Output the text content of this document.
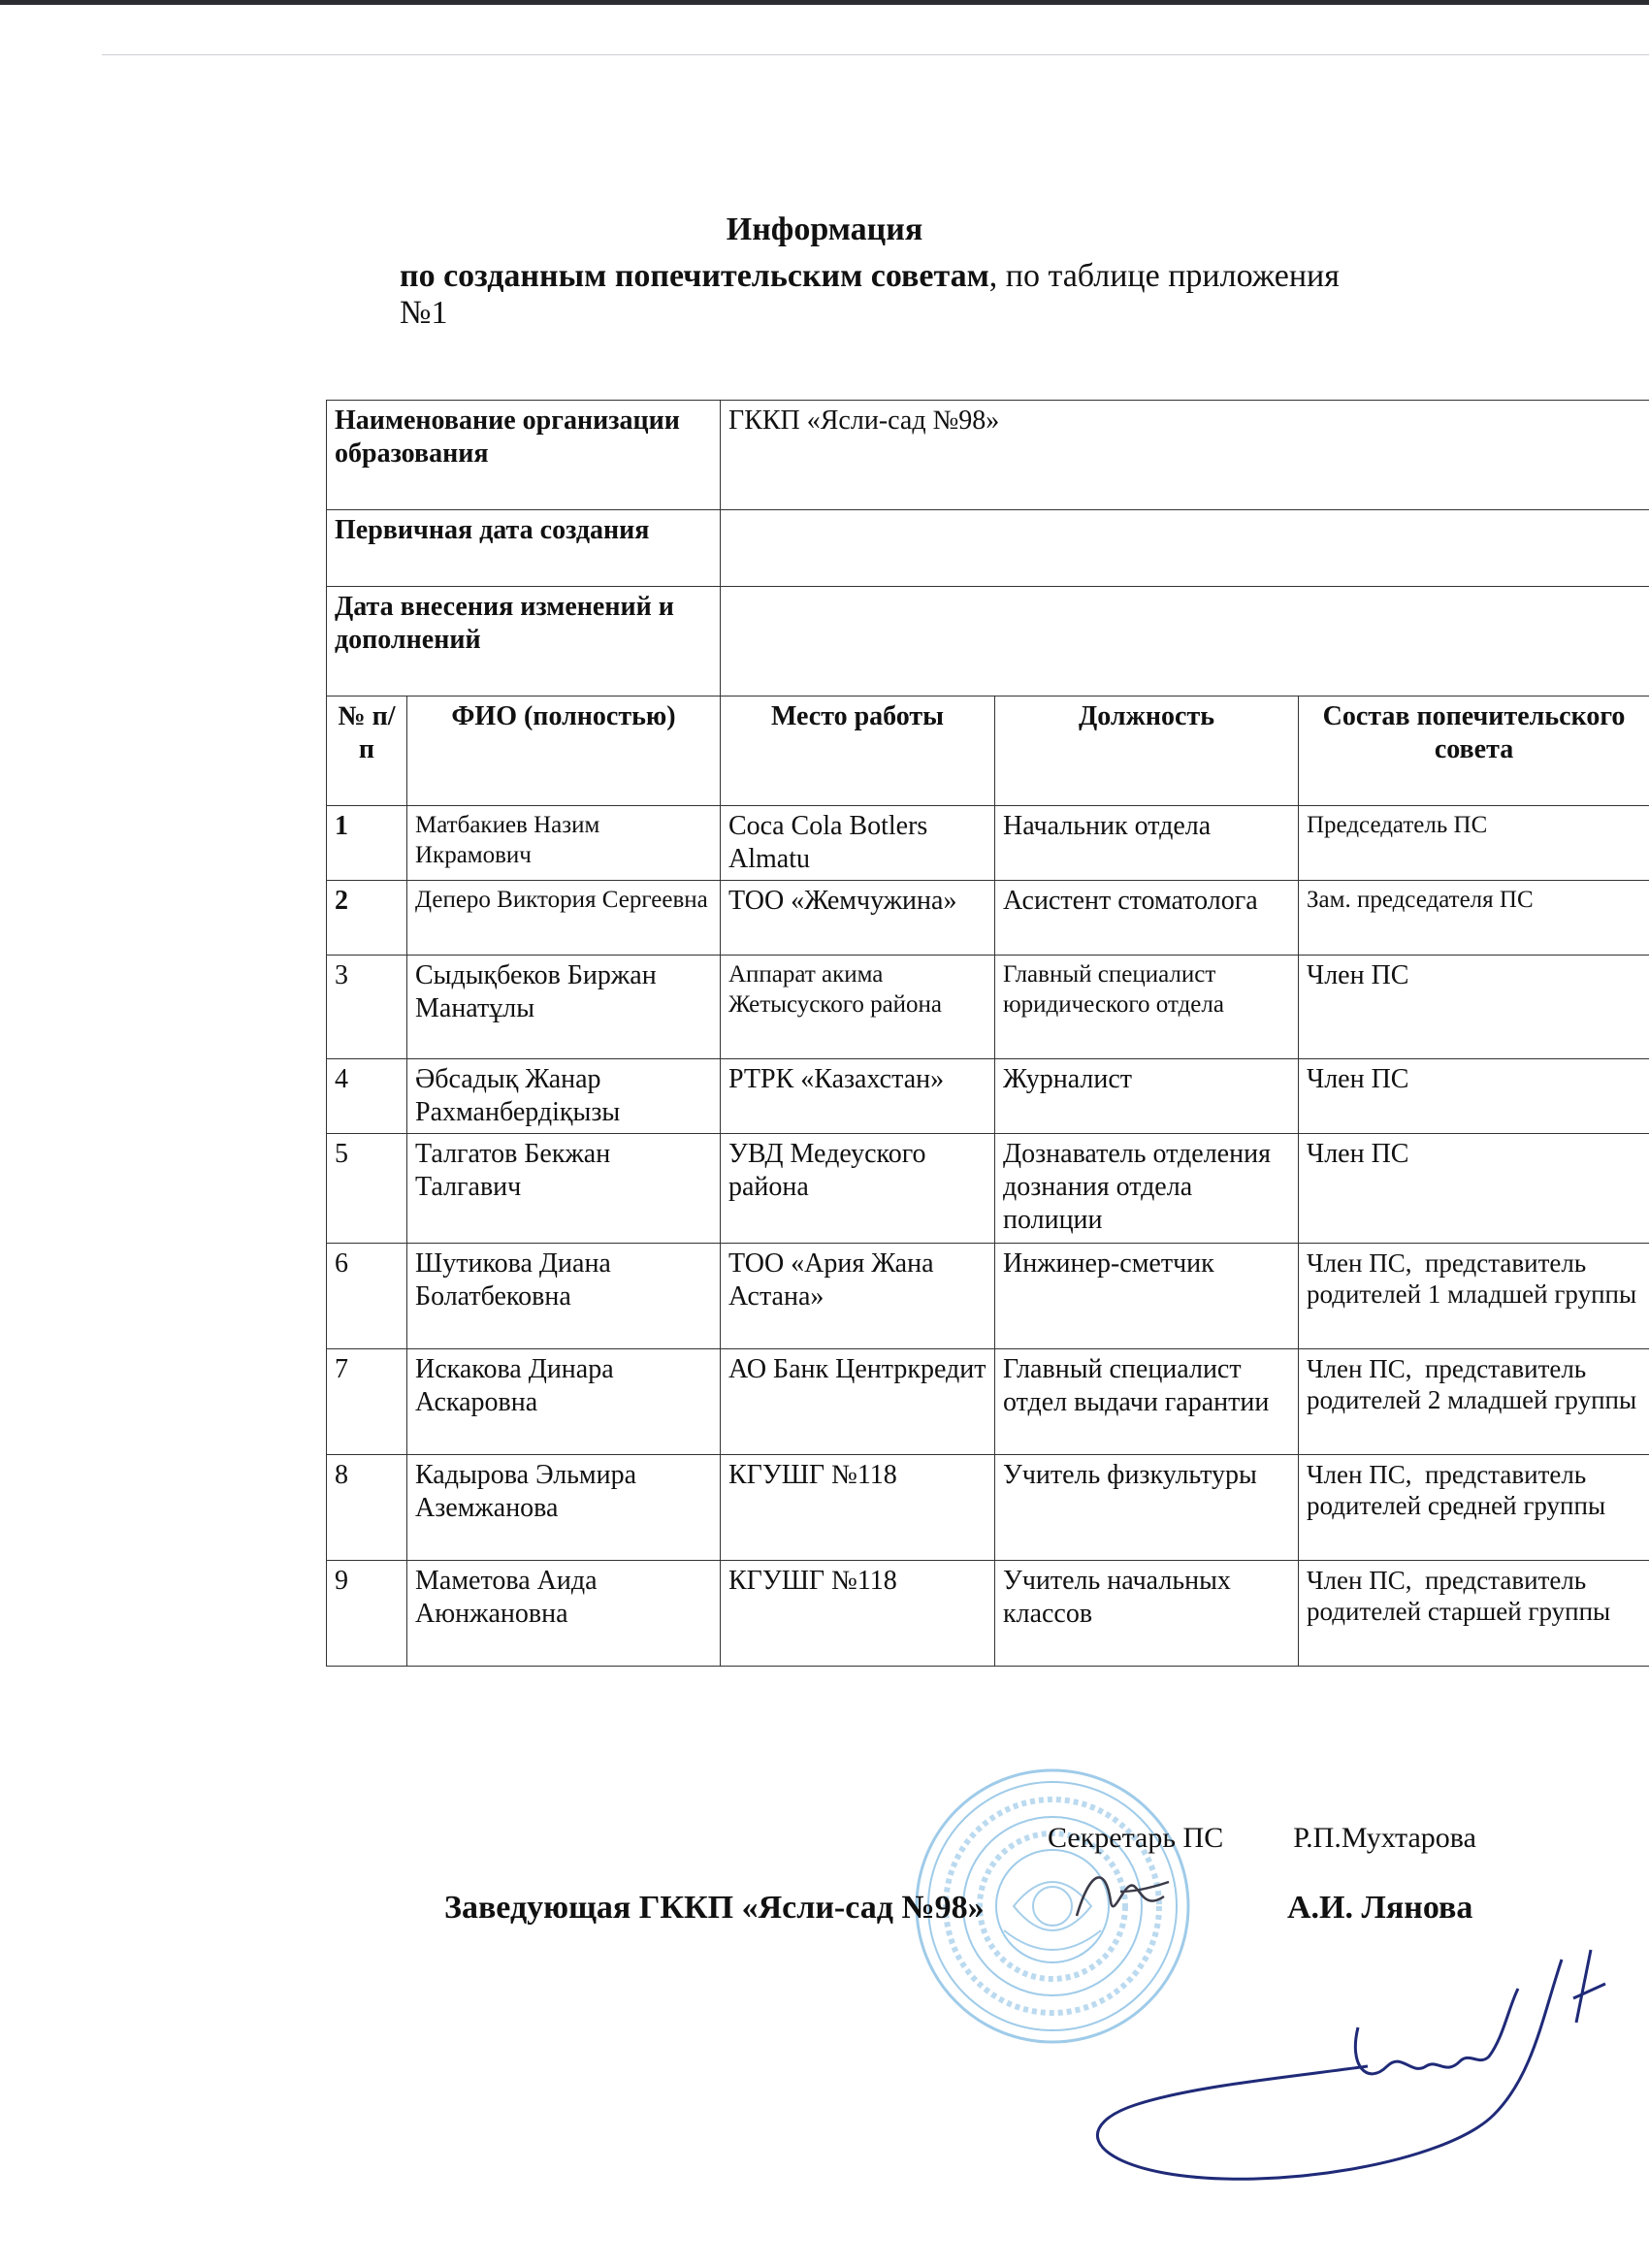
Информация
по созданным попечительским советам, по таблице приложения №1
Наименование организации образования		ГККП «Ясли-сад №98»		
Первичная дата создания				
Дата внесения изменений и дополнений				
№ п/п	ФИО (полностью)	Место работы	Должность	Состав попечительского совета
1	Матбакиев Назим Икрамович	Coca Cola Botlers Almatu	Начальник отдела	Председатель ПС
2	Деперо Виктория Сергеевна	ТОО «Жемчужина»	Асистент стоматолога	Зам. председателя ПС
3	Сыдықбеков Биржан Манатұлы	Аппарат акима Жетысуского района	Главный специалист юридического отдела	Член ПС
4	Әбсадық Жанар Рахманбердіқызы	РТРК «Казахстан»	Журналист	Член ПС
5	Талгатов Бекжан Талгавич	УВД Медеуского района	Дознаватель отделения дознания отдела полиции	Член ПС
6	Шутикова Диана Болатбековна	ТОО «Ария Жана Астана»	Инжинер-сметчик	Член ПС, представитель родителей 1 младшей группы
7	Искакова Динара Аскаровна	АО Банк Центркредит	Главный специалист отдел выдачи гарантии	Член ПС, представитель родителей 2 младшей группы
8	Кадырова Эльмира Аземжанова	КГУШГ №118	Учитель физкультуры	Член ПС, представитель родителей средней группы
9	Маметова Аида Аюнжановна	КГУШГ №118	Учитель начальных классов	Член ПС, представитель родителей старшей группы
Секретарь ПС Р.П.Мухтарова
Заведующая ГККП «Ясли-сад №98»	А.И. Лянова
